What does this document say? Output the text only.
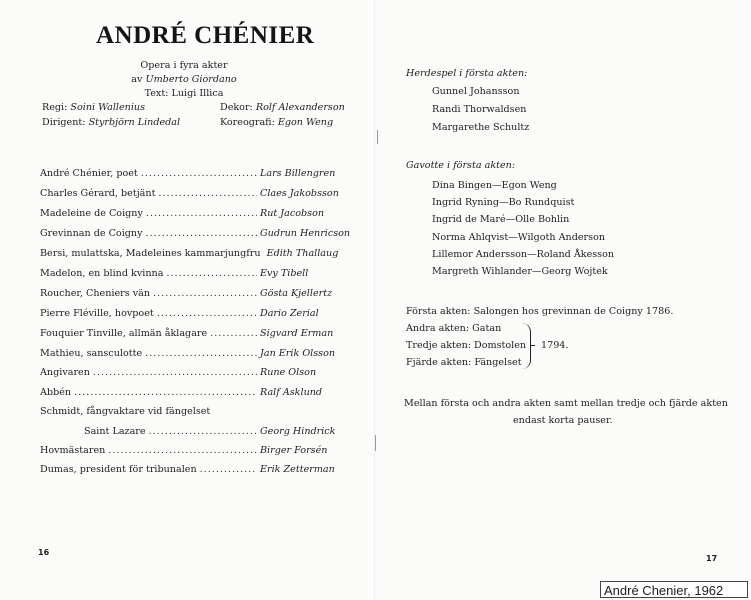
ANDRÉ CHÉNIER
Opera i fyra akter
av Umberto Giordano
Text: Luigi Illica
Regi: Soini Wallenius	Dekor: Rolf Alexanderson
Dirigent: Styrbjörn Lindedal	Koreografi: Egon Weng
André Chénier, poet .....	Lars Billengren
Charles Gérard, betjänt .....	Claes Jakobsson
Madeleine de Coigny .....	Rut Jacobson
Grevinnan de Coigny .....	Gudrun Henricson
Bersi, mulattska, Madeleines kammarjungfru Edith Thallaug
Madelon, en blind kvinna .....	Evy Tibell
Roucher, Cheniers vän .....	Gösta Kjellertz
Pierre Fléville, hovpoet .....	Dario Zerial
Fouquier Tinville, allmän åklagare .....	Sigvard Erman
Mathieu, sansculotte .....	Jan Erik Olsson
Angivaren .....	Rune Olson
Abbén .....	Ralf Asklund
Schmidt, fångvaktare vid fängelset
Saint Lazare .....	Georg Hindrick
Hovmästaren .....	Birger Forsén
Dumas, president för tribunalen .....	Erik Zetterman
16
Herdespel i första akten:
Gunnel Johansson
Randi Thorwaldsen
Margarethe Schultz
Gavotte i första akten:
Dina Bingen—Egon Weng
Ingrid Ryning—Bo Rundquist
Ingrid de Maré—Olle Bohlin
Norma Ahlqvist—Wilgoth Anderson
Lillemor Andersson—Roland Åkesson
Margreth Wihlander—Georg Wojtek
Första akten: Salongen hos grevinnan de Coigny 1786.
Andra akten: Gatan
Tredje akten: Domstolen
Fjärde akten: Fängelset
1794.
Mellan första och andra akten samt mellan tredje och fjärde akten
endast korta pauser.
17
André Chenier, 1962
